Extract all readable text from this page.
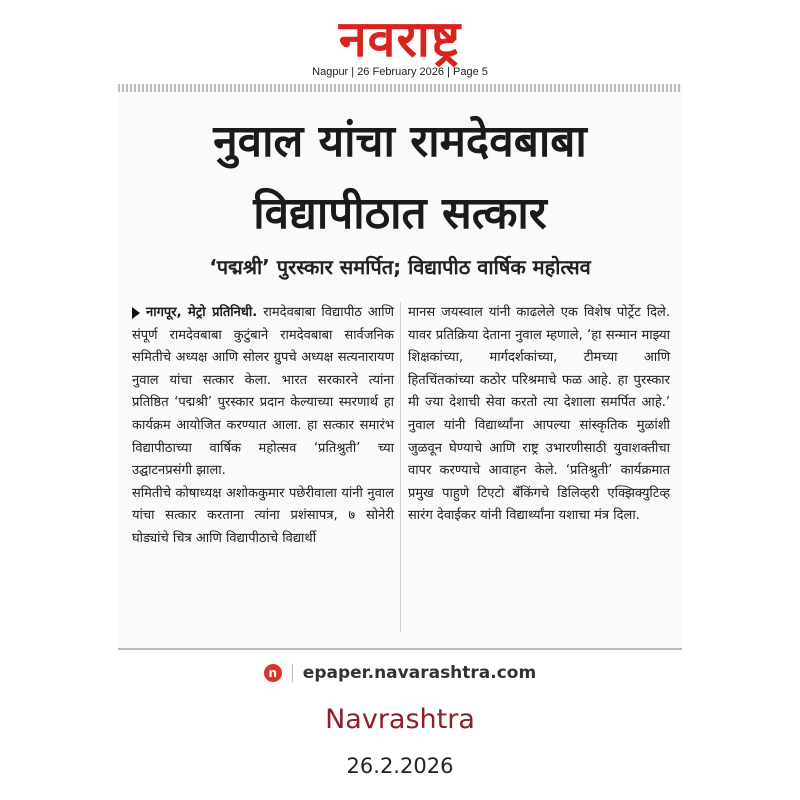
नवराष्ट्र
Nagpur | 26 February 2026 | Page 5
नुवाल यांचा रामदेवबाबा
विद्यापीठात सत्कार
‘पद्मश्री’ पुरस्कार समर्पित; विद्यापीठ वार्षिक महोत्सव

नागपूर, मेट्रो प्रतिनिधी. रामदेवबाबा विद्यापीठ आणि संपूर्ण रामदेवबाबा कुटुंबाने रामदेवबाबा सार्वजनिक समितीचे अध्यक्ष आणि सोलर ग्रुपचे अध्यक्ष सत्यनारायण नुवाल यांचा सत्कार केला. भारत सरकारने त्यांना प्रतिष्ठित ‘पद्मश्री’ पुरस्कार प्रदान केल्याच्या स्मरणार्थ हा कार्यक्रम आयोजित करण्यात आला. हा सत्कार समारंभ विद्यापीठाच्या वार्षिक महोत्सव ‘प्रतिश्रुती’ च्या उद्घाटनप्रसंगी झाला.

समितीचे कोषाध्यक्ष अशोककुमार पछेरीवाला यांनी नुवाल यांचा सत्कार करताना त्यांना प्रशंसापत्र, ७ सोनेरी घोड्यांचे चित्र आणि विद्यापीठाचे विद्यार्थी

मानस जयस्वाल यांनी काढलेले एक विशेष पोर्ट्रेट दिले. यावर प्रतिक्रिया देताना नुवाल म्हणाले, ‘हा सन्मान माझ्या शिक्षकांच्या, मार्गदर्शकांच्या, टीमच्या आणि हितचिंतकांच्या कठोर परिश्रमाचे फळ आहे. हा पुरस्कार मी ज्या देशाची सेवा करतो त्या देशाला समर्पित आहे.’ नुवाल यांनी विद्यार्थ्यांना आपल्या सांस्कृतिक मुळांशी जुळवून घेण्याचे आणि राष्ट्र उभारणीसाठी युवाशक्तीचा वापर करण्याचे आवाहन केले. ‘प्रतिश्रुती’ कार्यक्रमात प्रमुख पाहुणे टिएटो बँकिंगचे डिलिव्हरी एक्झिक्युटिव्ह सारंग देवाईकर यांनी विद्यार्थ्यांना यशाचा मंत्र दिला.

n epaper.navarashtra.com
Navrashtra
26.2.2026
